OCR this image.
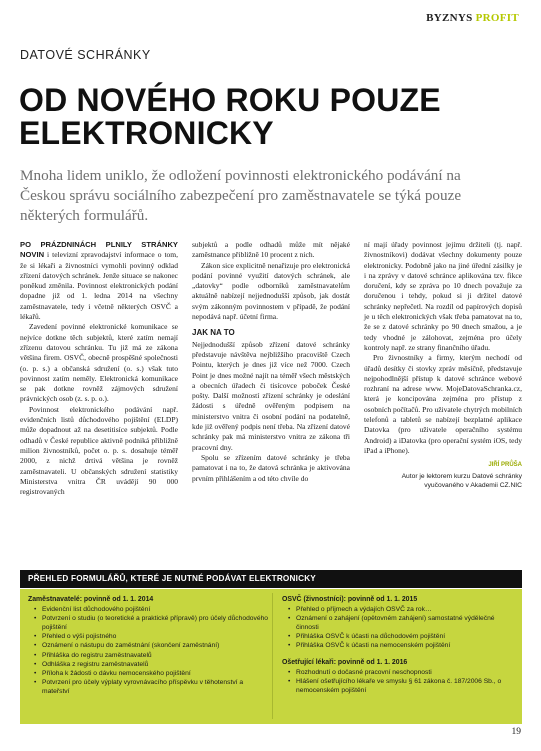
BYZNYS PROFIT
DATOVÉ SCHRÁNKY
OD NOVÉHO ROKU POUZE ELEKTRONICKY

Mnoha lidem uniklo, že odložení povinnosti elektronického podávání na Českou správu sociálního zabezpečení pro zaměstnavatele se týká pouze některých formulářů.

PO PRÁZDNINÁCH PLNILY STRÁNKY NOVIN i televizní zpravodajství informace o tom, že si lékaři a živnostníci vymohli povinný odklad zřízení datových schránek. Jenže situace se nakonec poněkud změnila. Povinnost elektronických podání dopadne již od 1. ledna 2014 na všechny zaměstnavatele, tedy i včetně některých OSVČ a lékařů.

Zavedení povinné elektronické komunikace se nejvíce dotkne těch subjektů, které zatím nemají zřízenu datovou schránku. Tu již má ze zákona většina firem. OSVČ, obecně prospěšné společnosti (o. p. s.) a občanská sdružení (o. s.) však tuto povinnost zatím neměly. Elektronická komunikace se pak dotkne rovněž zájmových sdružení právnických osob (z. s. p. o.).

Povinnost elektronického podávání např. evidenčních listů důchodového pojištění (ELDP) může dopadnout až na desetitisíce subjektů. Podle odhadů v České republice aktivně podniká přibližně milion živnostníků, počet o. p. s. dosahuje téměř 2000, z nichž drtivá většina je rovněž zaměstnavateli. U občanských sdružení statistiky Ministerstva vnitra ČR uvádějí 90 000 registrovaných

subjektů a podle odhadů může mít nějaké zaměstnance přibližně 10 procent z nich.

Zákon sice explicitně nenařizuje pro elektronická podání povinné využití datových schránek, ale „datovky“ podle odborníků zaměstnavatelům aktuálně nabízejí nejjednodušší způsob, jak dostát svým zákonným povinnostem v případě, že podání nepodává např. účetní firma.

JAK NA TO

Nejjednodušší způsob zřízení datové schránky představuje návštěva nejbližšího pracoviště Czech Pointu, kterých je dnes již více než 7000. Czech Point je dnes možné najít na téměř všech městských a obecních úřadech či tisícovce poboček České pošty. Další možností zřízení schránky je odeslání žádosti s úředně ověřeným podpisem na ministerstvo vnitra či osobní podání na podatelně, kde již ověřený podpis není třeba. Na zřízení datové schránky pak má ministerstvo vnitra ze zákona tři pracovní dny.

Spolu se zřízením datové schránky je třeba pamatovat i na to, že datová schránka je aktivována prvním přihlášením a od této chvíle do

ní mají úřady povinnost jejímu držiteli (tj. např. živnostníkovi) dodávat všechny dokumenty pouze elektronicky. Podobně jako na jiné úřední zásilky je i na zprávy v datové schránce aplikována tzv. fikce doručení, kdy se zpráva po 10 dnech považuje za doručenou i tehdy, pokud si ji držitel datové schránky nepřečetl. Na rozdíl od papírových dopisů je u těch elektronických však třeba pamatovat na to, že se z datové schránky po 90 dnech smažou, a je tedy vhodné je zálohovat, zejména pro účely kontroly např. ze strany finančního úřadu.

Pro živnostníky a firmy, kterým nechodí od úřadů desítky či stovky zpráv měsíčně, představuje nejpohodlnější přístup k datové schránce webové rozhraní na adrese www. MojeDatovaSchranka.cz, která je koncipována zejména pro přístup z osobních počítačů. Pro uživatele chytrých mobilních telefonů a tabletů se nabízejí bezplatné aplikace Datovka (pro uživatele operačního systému Android) a iDatovka (pro operační systém iOS, tedy iPad a iPhone).

JIŘÍ PRŮŠA
Autor je lektorem kurzu Datové schránky vyučovaného v Akademii CZ.NIC
PŘEHLED FORMULÁŘŮ, KTERÉ JE NUTNÉ PODÁVAT ELEKTRONICKY
Zaměstnavatelé: povinně od 1. 1. 2014
• Evidenční list důchodového pojištění
• Potvrzení o studiu (o teoretické a praktické přípravě) pro účely důchodového pojištění
• Přehled o výši pojistného
• Oznámení o nástupu do zaměstnání (skončení zaměstnání)
• Přihláška do registru zaměstnavatelů
• Odhláška z registru zaměstnavatelů
• Příloha k žádosti o dávku nemocenského pojištění
• Potvrzení pro účely výplaty vyrovnávacího příspěvku v těhotenství a mateřství
OSVČ (živnostníci): povinně od 1. 1. 2015
• Přehled o příjmech a výdajích OSVČ za rok…
• Oznámení o zahájení (opětovném zahájení) samostatné výdělečné činnosti
• Přihláška OSVČ k účasti na důchodovém pojištění
• Přihláška OSVČ k účasti na nemocenském pojištění
Ošetřující lékaři: povinně od 1. 1. 2016
• Rozhodnutí o dočasné pracovní neschopnosti
• Hlášení ošetřujícího lékaře ve smyslu § 61 zákona č. 187/2006 Sb., o nemocenském pojištění
19
